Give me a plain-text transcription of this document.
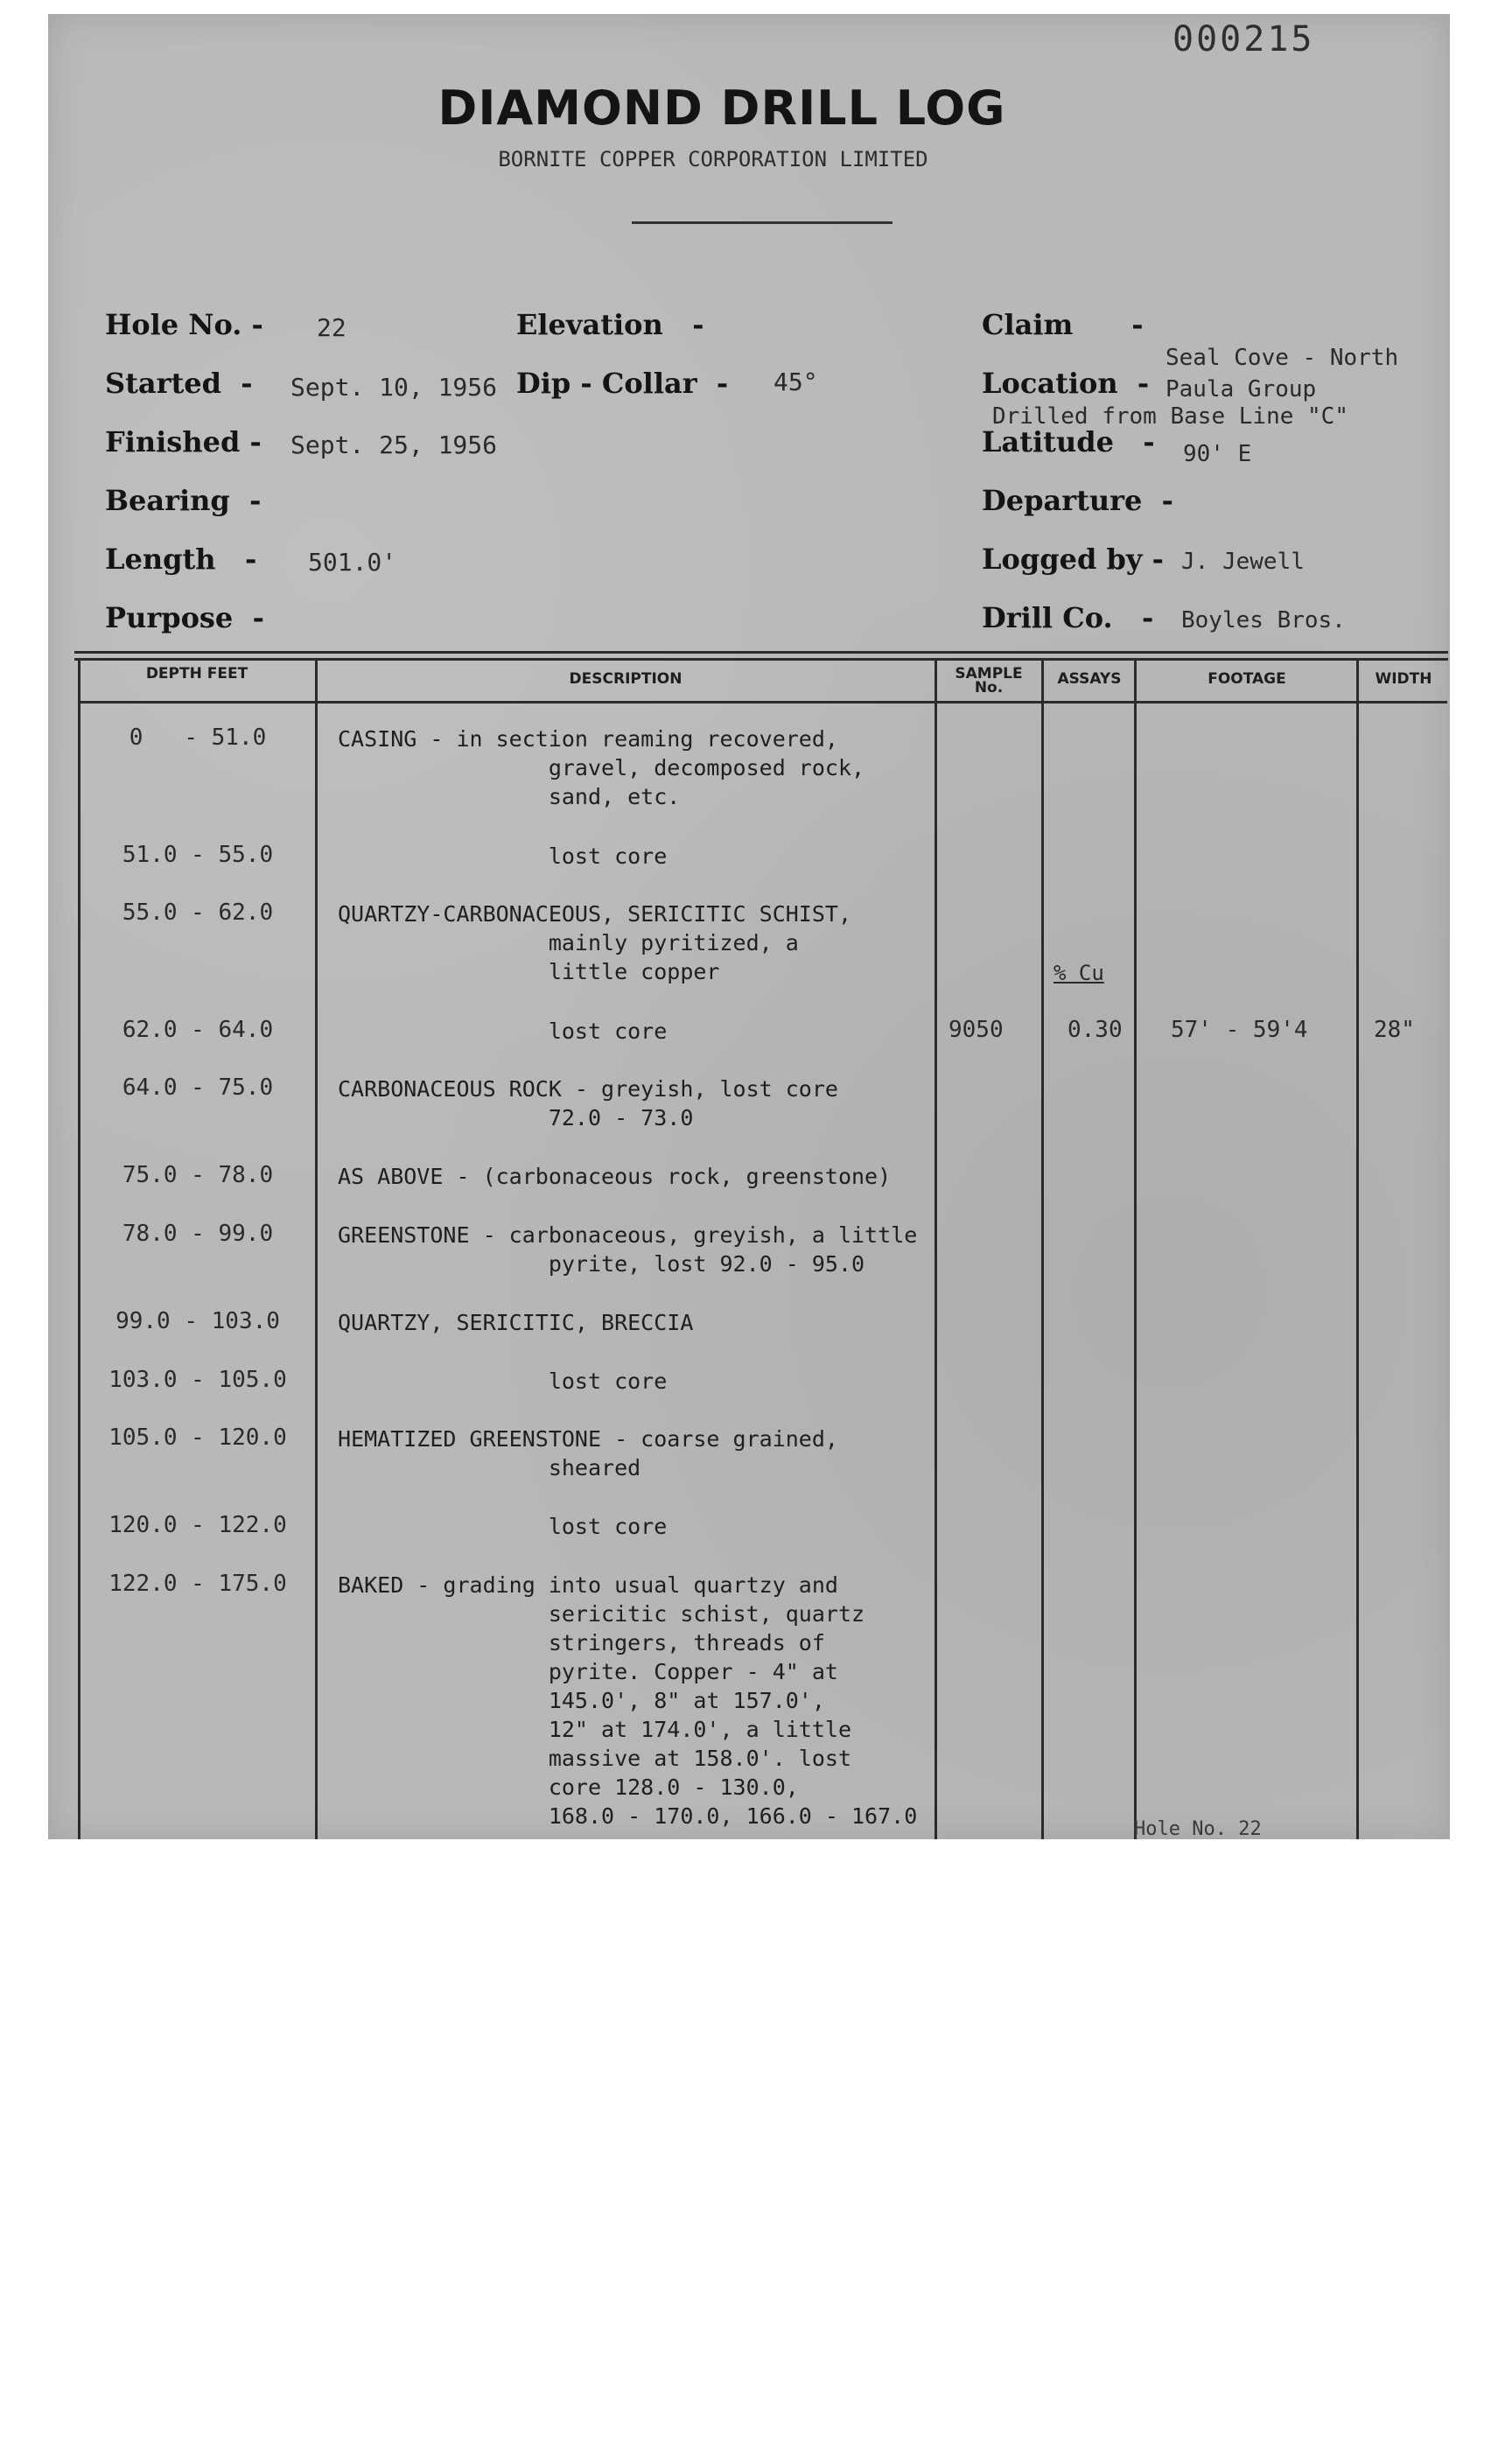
000215
DIAMOND DRILL LOG
BORNITE COPPER CORPORATION LIMITED
Hole No. - 22
Started - Sept. 10, 1956
Finished - Sept. 25, 1956
Bearing -
Length - 501.0'
Purpose -
Elevation -
Dip - Collar - 45°
Claim -
Seal Cove - North
Location - Paula Group
Drilled from Base Line "C"
Latitude - 90' E
Departure -
Logged by - J. Jewell
Drill Co. - Boyles Bros.
DEPTH FEET	DESCRIPTION	SAMPLE No.	ASSAYS	FOOTAGE	WIDTH
0   - 51.0	CASING - in section reaming recovered,
gravel, decomposed rock,
sand, etc.
51.0 - 55.0	lost core
55.0 - 62.0	QUARTZY-CARBONACEOUS, SERICITIC SCHIST,
mainly pyritized, a
little copper	% Cu
62.0 - 64.0	lost core	9050	0.30 57' - 59'4	28"
64.0 - 75.0	CARBONACEOUS ROCK - greyish, lost core
72.0 - 73.0
75.0 - 78.0	AS ABOVE - (carbonaceous rock, greenstone)
78.0 - 99.0	GREENSTONE - carbonaceous, greyish, a little
pyrite, lost 92.0 - 95.0
99.0 - 103.0	QUARTZY, SERICITIC, BRECCIA
103.0 - 105.0	lost core
105.0 - 120.0	HEMATIZED GREENSTONE - coarse grained,
sheared
120.0 - 122.0	lost core
122.0 - 175.0	BAKED - grading into usual quartzy and
sericitic schist, quartz
stringers, threads of
pyrite. Copper - 4" at
145.0', 8" at 157.0',
12" at 174.0', a little
massive at 158.0'. lost
core 128.0 - 130.0,
168.0 - 170.0, 166.0 - 167.0
Hole No. 22
